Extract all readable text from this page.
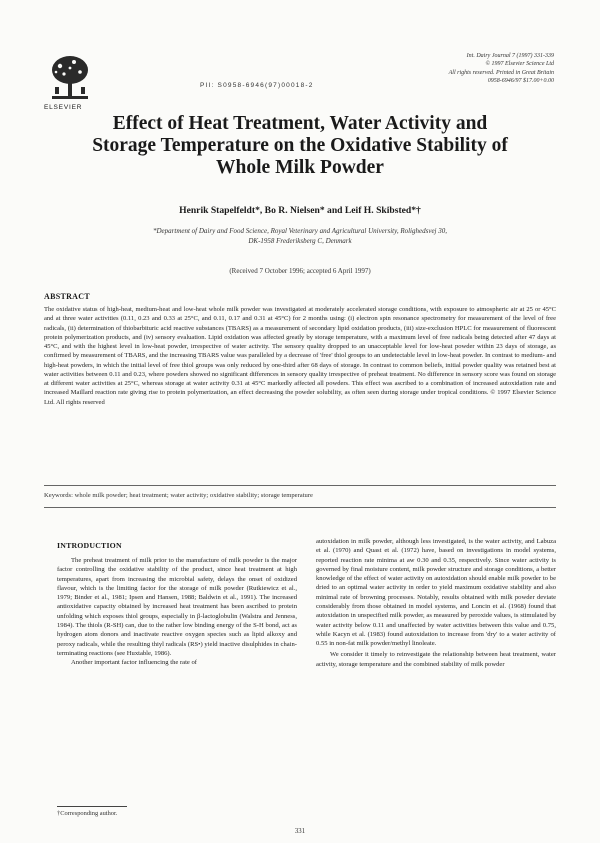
ELSEVIER
PII: S0958-6946(97)00018-2
Int. Dairy Journal 7 (1997) 331-339
© 1997 Elsevier Science Ltd
All rights reserved. Printed in Great Britain
0958-6946/97 $17.00+0.00
Effect of Heat Treatment, Water Activity and
Storage Temperature on the Oxidative Stability of
Whole Milk Powder
Henrik Stapelfeldt*, Bo R. Nielsen* and Leif H. Skibsted*†
*Department of Dairy and Food Science, Royal Veterinary and Agricultural University, Rolighedsvej 30,
DK-1958 Frederiksberg C, Denmark
(Received 7 October 1996; accepted 6 April 1997)
ABSTRACT
The oxidative status of high-heat, medium-heat and low-heat whole milk powder was investigated at moderately accelerated storage conditions, with exposure to atmospheric air at 25 or 45°C and at three water activities (0.11, 0.23 and 0.33 at 25°C, and 0.11, 0.17 and 0.31 at 45°C) for 2 months using: (i) electron spin resonance spectrometry for measurement of the level of free radicals, (ii) determination of thiobarbituric acid reactive substances (TBARS) as a measurement of secondary lipid oxidation products, (iii) size-exclusion HPLC for measurement of fluorescent protein polymerization products, and (iv) sensory evaluation. Lipid oxidation was affected greatly by storage temperature, with a maximum level of free radicals being detected after 47 days at 45°C, and with the highest level in low-heat powder, irrespective of water activity. The sensory quality dropped to an unacceptable level for low-heat powder within 23 days of storage, as confirmed by measurement of TBARS, and the increasing TBARS value was paralleled by a decrease of 'free' thiol groups to an undetectable level in low-heat powder. In contrast to medium- and high-heat powders, in which the initial level of free thiol groups was only reduced by one-third after 68 days of storage. In contrast to common beliefs, initial powder quality was retained best at water activities between 0.11 and 0.23, where powders showed no significant differences in sensory quality irrespective of preheat treatment. No difference in sensory score was found on storage at different water activities at 25°C, whereas storage at water activity 0.31 at 45°C markedly affected all powders. This effect was ascribed to a combination of increased autoxidation rate and increased Maillard reaction rate giving rise to protein polymerization, an effect decreasing the powder solubility, as often seen during storage under tropical conditions. © 1997 Elsevier Science Ltd. All rights reserved
Keywords: whole milk powder; heat treatment; water activity; oxidative stability; storage temperature
INTRODUCTION

The preheat treatment of milk prior to the manufacture of milk powder is the major factor controlling the oxidative stability of the product, since heat treatment at high temperatures, apart from increasing the microbial safety, delays the onset of oxidized flavour, which is the limiting factor for the storage of milk powder (Rutkiewicz et al., 1979; Binder et al., 1981; Ipsen and Hansen, 1988; Baldwin et al., 1991). The increased antioxidative capacity obtained by increased heat treatment has been ascribed to protein unfolding which exposes thiol groups, especially in β-lactoglobulin (Walstra and Jenness, 1984). The thiols (R-SH) can, due to the rather low binding energy of the S-H bond, act as hydrogen atom donors and inactivate reactive oxygen species such as lipid alkoxy and peroxy radicals, while the resulting thiyl radicals (RS•) yield inactive disulphides in chain-terminating reactions (see Huxtable, 1986).

Another important factor influencing the rate of

autoxidation in milk powder, although less investigated, is the water activity, and Labuza et al. (1970) and Quast et al. (1972) have, based on investigations in model systems, reported reaction rate minima at aw 0.30 and 0.35, respectively. Since water activity is governed by final moisture content, milk powder structure and storage conditions, a better knowledge of the effect of water activity on autoxidation should enable milk powder to be dried to an optimal water activity in order to yield maximum oxidative stability and also minimal rate of browning processes. Notably, results obtained with milk powder deviate considerably from those obtained in model systems, and Loncin et al. (1968) found that autoxidation in unspecified milk powder, as measured by peroxide values, is stimulated by water activity below 0.11 and unaffected by water activities between this value and 0.75, while Kacyn et al. (1983) found autoxidation to increase from 'dry' to a water activity of 0.55 in non-fat milk powder/methyl linoleate.

We consider it timely to reinvestigate the relationship between heat treatment, water activity, storage temperature and the combined stability of milk powder

†Corresponding author.
331
